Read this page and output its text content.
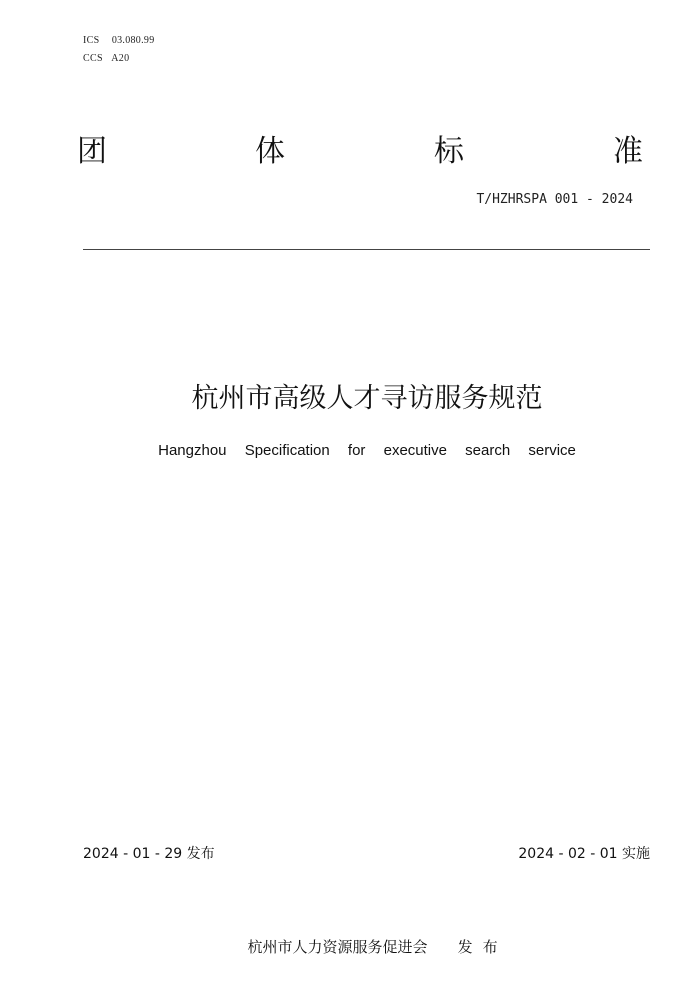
ICS 03.080.99
CCS A20
团	体	标	准
T/HZHRSPA 001 - 2024
杭州市高级人才寻访服务规范
Hangzhou Specification for executive search service
2024 - 01 - 29 发布	2024 - 02 - 01 实施

杭州市人力资源服务促进会 发布
